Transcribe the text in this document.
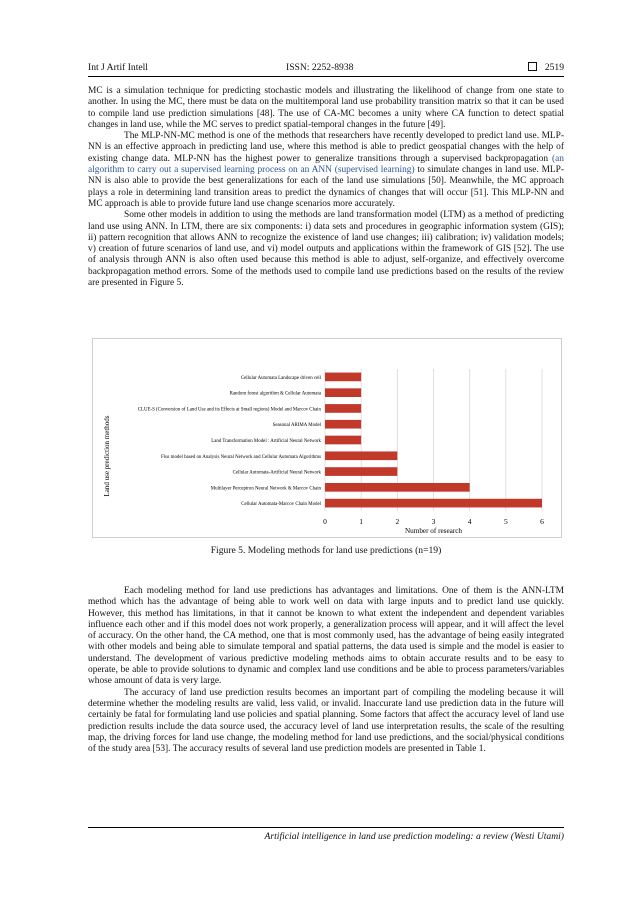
Int J Artif Intell	ISSN: 2252-8938	2519

MC is a simulation technique for predicting stochastic models and illustrating the likelihood of change from one state to another. In using the MC, there must be data on the multitemporal land use probability transition matrix so that it can be used to compile land use prediction simulations [48]. The use of CA-MC becomes a unity where CA function to detect spatial changes in land use, while the MC serves to predict spatial-temporal changes in the future [49].

The MLP-NN-MC method is one of the methods that researchers have recently developed to predict land use. MLP-NN is an effective approach in predicting land use, where this method is able to predict geospatial changes with the help of existing change data. MLP-NN has the highest power to generalize transitions through a supervised backpropagation (an algorithm to carry out a supervised learning process on an ANN (supervised learning) to simulate changes in land use. MLP-NN is also able to provide the best generalizations for each of the land use simulations [50]. Meanwhile, the MC approach plays a role in determining land transition areas to predict the dynamics of changes that will occur [51]. This MLP-NN and MC approach is able to provide future land use change scenarios more accurately.

Some other models in addition to using the methods are land transformation model (LTM) as a method of predicting land use using ANN. In LTM, there are six components: i) data sets and procedures in geographic information system (GIS); ii) pattern recognition that allows ANN to recognize the existence of land use changes; iii) calibration; iv) validation models; v) creation of future scenarios of land use, and vi) model outputs and applications within the framework of GIS [52]. The use of analysis through ANN is also often used because this method is able to adjust, self-organize, and effectively overcome backpropagation method errors. Some of the methods used to compile land use predictions based on the results of the review are presented in Figure 5.

Cellular Automata Landscape driven cell
Random forest algorithm & Cellular Automata
CLUE-S (Conversion of Land Use and its Effects at Small regions) Model and Marcov Chain
Seasonal ARIMA Model
Land Transformation Model : Artificial Neural Network
Flus model based on Analysis Neural Network and Cellular Automata Algorithms
Cellular Automata-Artificial Neural Network
Multilayer Perceptron Neural Network & Marcov Chain
Cellular Automata-Marcov Chain Model
0	1	2	3	4	5	6
Number of research
Land use prediction methods
Figure 5. Modeling methods for land use predictions (n=19)

Each modeling method for land use predictions has advantages and limitations. One of them is the ANN-LTM method which has the advantage of being able to work well on data with large inputs and to predict land use quickly. However, this method has limitations, in that it cannot be known to what extent the independent and dependent variables influence each other and if this model does not work properly, a generalization process will appear, and it will affect the level of accuracy. On the other hand, the CA method, one that is most commonly used, has the advantage of being easily integrated with other models and being able to simulate temporal and spatial patterns, the data used is simple and the model is easier to understand. The development of various predictive modeling methods aims to obtain accurate results and to be easy to operate, be able to provide solutions to dynamic and complex land use conditions and be able to process parameters/variables whose amount of data is very large.

The accuracy of land use prediction results becomes an important part of compiling the modeling because it will determine whether the modeling results are valid, less valid, or invalid. Inaccurate land use prediction data in the future will certainly be fatal for formulating land use policies and spatial planning. Some factors that affect the accuracy level of land use prediction results include the data source used, the accuracy level of land use interpretation results, the scale of the resulting map, the driving forces for land use change, the modeling method for land use predictions, and the social/physical conditions of the study area [53]. The accuracy results of several land use prediction models are presented in Table 1.

Artificial intelligence in land use prediction modeling: a review (Westi Utami)
